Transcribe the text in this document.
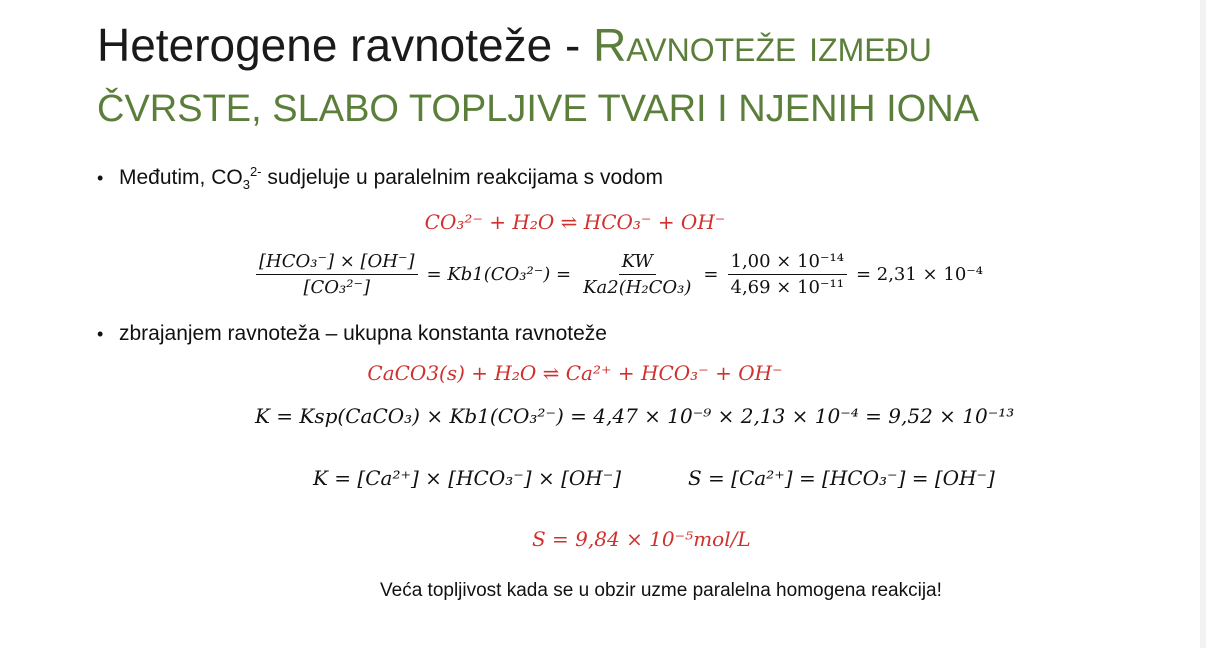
Heterogene ravnoteže - Ravnoteže između
ČVRSTE, SLABO TOPLJIVE TVARI I NJENIH IONA
• Međutim, $CO_3^{2-}$ sudjeluje u paralelnim reakcijama s vodom
CO₃²⁻ + H₂O ⇌ HCO₃⁻ + OH⁻
$\frac{\text{[HCO₃⁻] × [OH⁻]}}{\text{[CO₃²⁻]}} = Kb1(CO_3^{2-}) = \frac{KW}{\text{Ka2(H₂CO₃)}} = \frac{\text{1,00 × 10⁻¹⁴}}{\text{4,69 × 10⁻¹¹}} = 2,31 \times 10^{-4}$
• zbrajanjem ravnoteža – ukupna konstanta ravnoteže
CaCO3(s) + H₂O ⇌ Ca²⁺ + HCO₃⁻ + OH⁻
K = Ksp(CaCO₃) × Kb1(CO₃²⁻) = 4,47 × 10⁻⁹ × 2,13 × 10⁻⁴ = 9,52 × 10⁻¹³
K = [Ca²⁺] × [HCO₃⁻] × [OH⁻]	S = [Ca²⁺] = [HCO₃⁻] = [OH⁻]
S = 9,84 × 10⁻⁵mol/L
Veća topljivost kada se u obzir uzme paralelna homogena reakcija!
